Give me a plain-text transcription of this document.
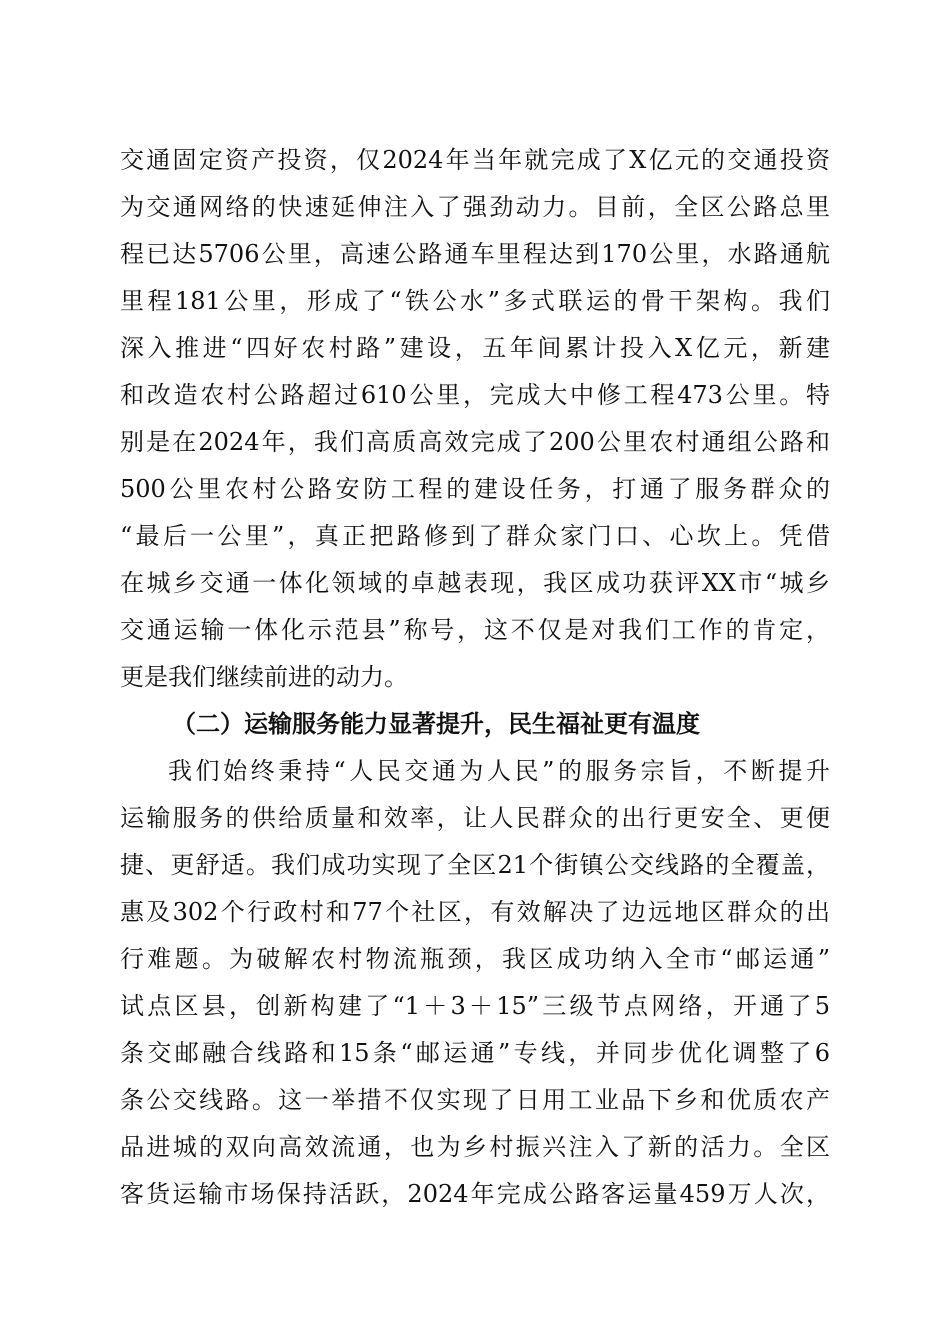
交通固定资产投资，仅2024年当年就完成了X亿元的交通投资
为交通网络的快速延伸注入了强劲动力。目前，全区公路总里
程已达5706公里，高速公路通车里程达到170公里，水路通航
里程181公里，形成了“铁公水”多式联运的骨干架构。我们
深入推进“四好农村路”建设，五年间累计投入X亿元，新建
和改造农村公路超过610公里，完成大中修工程473公里。特
别是在2024年，我们高质高效完成了200公里农村通组公路和
500公里农村公路安防工程的建设任务，打通了服务群众的
“最后一公里”，真正把路修到了群众家门口、心坎上。凭借
在城乡交通一体化领域的卓越表现，我区成功获评XX市“城乡
交通运输一体化示范县”称号，这不仅是对我们工作的肯定，
更是我们继续前进的动力。
（二）运输服务能力显著提升，民生福祉更有温度
我们始终秉持“人民交通为人民”的服务宗旨，不断提升
运输服务的供给质量和效率，让人民群众的出行更安全、更便
捷、更舒适。我们成功实现了全区21个街镇公交线路的全覆盖，
惠及302个行政村和77个社区，有效解决了边远地区群众的出
行难题。为破解农村物流瓶颈，我区成功纳入全市“邮运通”
试点区县，创新构建了“1＋3＋15”三级节点网络，开通了5
条交邮融合线路和15条“邮运通”专线，并同步优化调整了6
条公交线路。这一举措不仅实现了日用工业品下乡和优质农产
品进城的双向高效流通，也为乡村振兴注入了新的活力。全区
客货运输市场保持活跃，2024年完成公路客运量459万人次，
